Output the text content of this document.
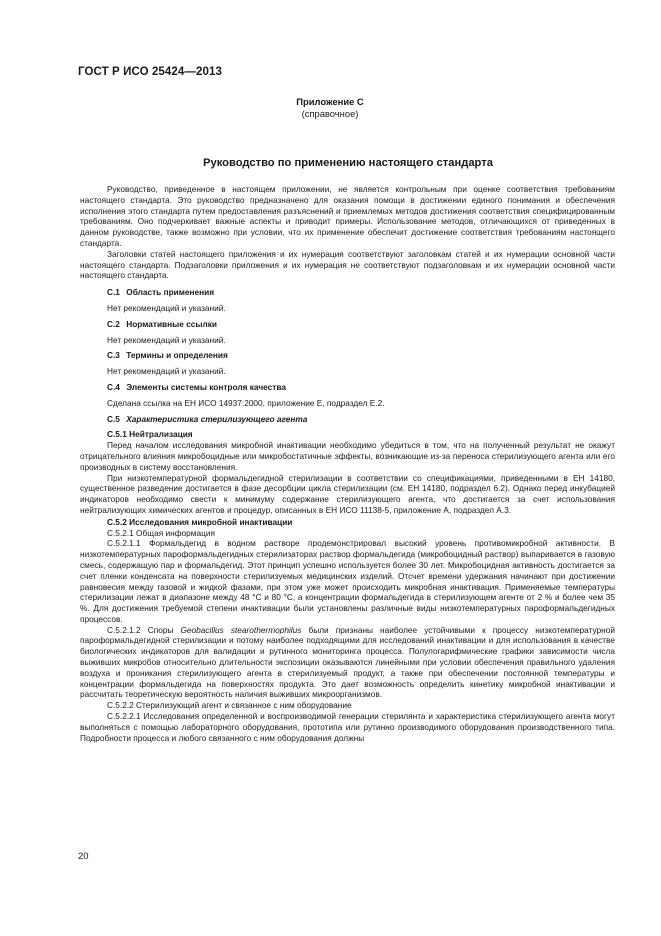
ГОСТ Р ИСО 25424—2013
Приложение С
(справочное)
Руководство по применению настоящего стандарта

Руководство, приведенное в настоящем приложении, не является контрольным при оценке соответствия требованиям настоящего стандарта. Это руководство предназначено для оказания помощи в достижении единого понимания и обеспечения исполнения этого стандарта путем предоставления разъяснений и приемлемых методов достижения соответствия специфицированным требованиям. Оно подчеркивает важные аспекты и приводит примеры. Использование методов, отличающихся от приведенных в данном руководстве, также возможно при условии, что их применение обеспечит достижение соответствия требованиям настоящего стандарта.

Заголовки статей настоящего приложения и их нумерация соответствуют заголовкам статей и их нумерации основной части настоящего стандарта. Подзаголовки приложения и их нумерация не соответствуют подзаголовкам и их нумерации основной части настоящего стандарта.

С.1 Область применения

Нет рекомендаций и указаний.

С.2 Нормативные ссылки

Нет рекомендаций и указаний.

С.3 Термины и определения

Нет рекомендаций и указаний.

С.4 Элементы системы контроля качества

Сделана ссылка на ЕН ИСО 14937:2000, приложение Е, подраздел Е.2.

С.5 Характеристика стерилизующего агента

С.5.1 Нейтрализация

Перед началом исследования микробной инактивации необходимо убедиться в том, что на полученный результат не окажут отрицательного влияния микробоцидные или микробостатичные эффекты, возникающие из-за переноса стерилизующего агента или его производных в систему восстановления.

При низкотемпературной формальдегидной стерилизации в соответствии со спецификациями, приведенными в ЕН 14180, существенное разведение достигается в фазе десорбции цикла стерилизации (см. ЕН 14180, подраздел 6.2). Однако перед инкубацией индикаторов необходимо свести к минимуму содержание стерилизующего агента, что достигается за счет использования нейтрализующих химических агентов и процедур, описанных в ЕН ИСО 11138-5, приложение А, подраздел А.3.

С.5.2 Исследования микробной инактивации

С.5.2.1 Общая информация

С.5.2.1.1 Формальдегид в водном растворе продемонстрировал высокий уровень противомикробной активности. В низкотемпературных пароформальдегидных стерилизаторах раствор формальдегида (микробоцидный раствор) выпаривается в газовую смесь, содержащую пар и формальдегид. Этот принцип успешно используется более 30 лет. Микробоцидная активность достигается за счет пленки конденсата на поверхности стерилизуемых медицинских изделий. Отсчет времени удержания начинают при достижении равновесия между газовой и жидкой фазами, при этом уже может происходить микробная инактивация. Применяемые температуры стерилизации лежат в диапазоне между 48 °С и 80 °С, а концентрации формальдегида в стерилизующем агенте от 2 % и более чем 35 %. Для достижения требуемой степени инактивации были установлены различные виды низкотемпературных пароформальдегидных процессов.

С.5.2.1.2 Споры Geobacillus stearothermophilus были признаны наиболее устойчивыми к процессу низкотемпературной пароформальдегидной стерилизации и потому наиболее подходящими для исследований инактивации и для использования в качестве биологических индикаторов для валидации и рутинного мониторинга процесса. Полулогарифмические графики зависимости числа выживших микробов относительно длительности экспозиции оказываются линейными при условии обеспечения правильного удаления воздуха и проникания стерилизующего агента в стерилизуемый продукт, а также при обеспечении постоянной температуры и концентрации формальдегида на поверхностях продукта. Это дает возможность определить кинетику микробной инактивации и рассчитать теоретическую вероятность наличия выживших микроорганизмов.

С.5.2.2 Стерилизующий агент и связанное с ним оборудование

С.5.2.2.1 Исследования определенной и воспроизводимой генерации стерилянта и характеристика стерилизующего агента могут выполняться с помощью лабораторного оборудования, прототипа или рутинно производимого оборудования производственного типа. Подробности процесса и любого связанного с ним оборудования должны

20
